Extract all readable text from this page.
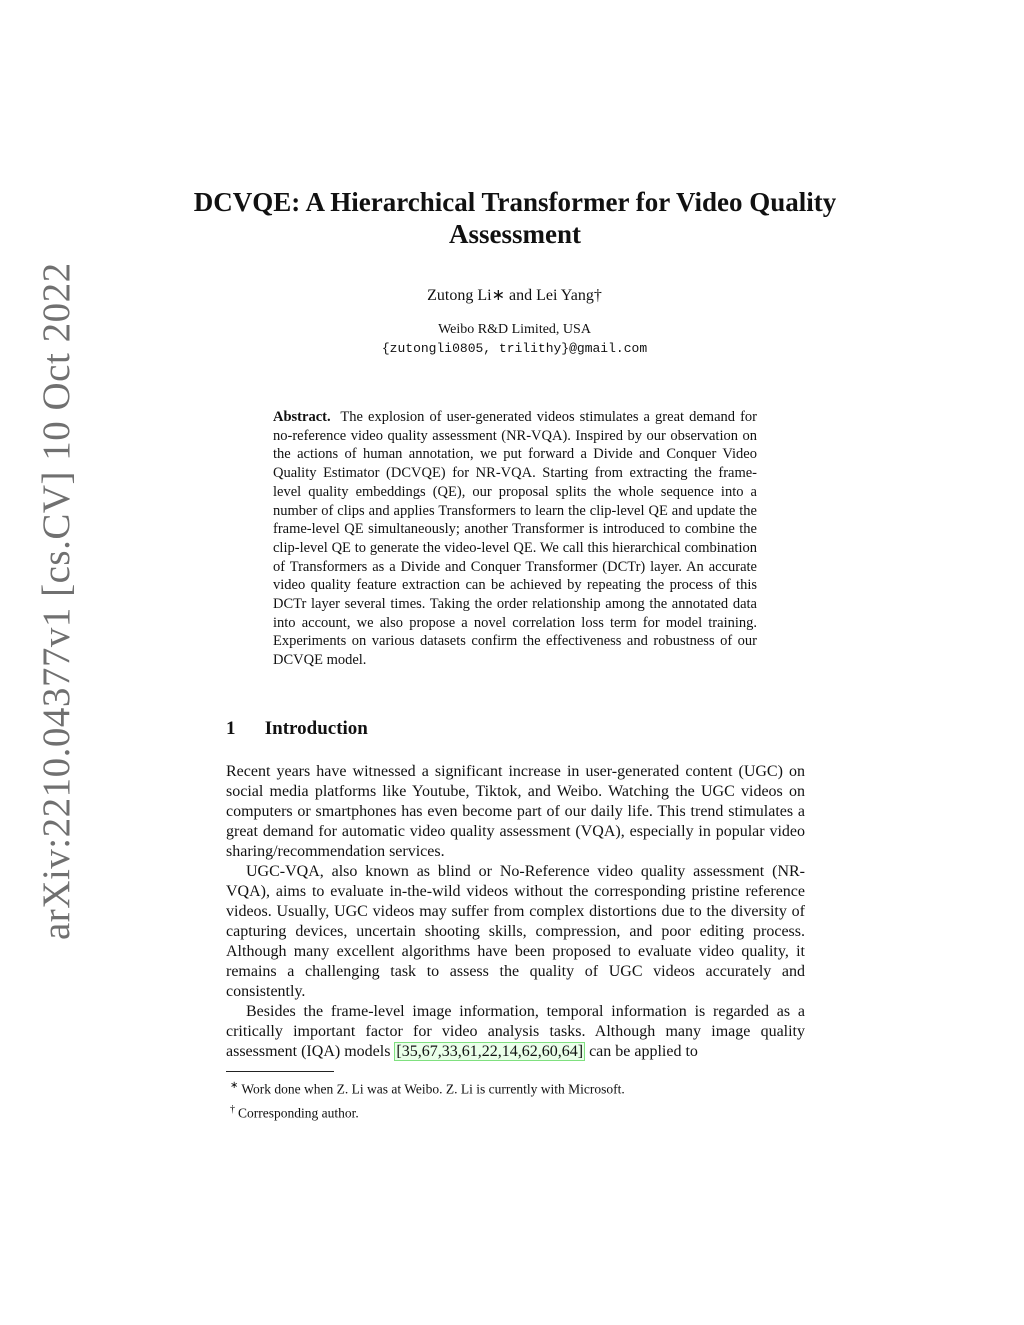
arXiv:2210.04377v1 [cs.CV] 10 Oct 2022
DCVQE: A Hierarchical Transformer for Video Quality Assessment
Zutong Li∗ and Lei Yang†
Weibo R&D Limited, USA
{zutongli0805, trilithy}@gmail.com

Abstract. The explosion of user-generated videos stimulates a great demand for no-reference video quality assessment (NR-VQA). Inspired by our observation on the actions of human annotation, we put forward a Divide and Conquer Video Quality Estimator (DCVQE) for NR-VQA. Starting from extracting the frame-level quality embeddings (QE), our proposal splits the whole sequence into a number of clips and applies Transformers to learn the clip-level QE and update the frame-level QE simultaneously; another Transformer is introduced to combine the clip-level QE to generate the video-level QE. We call this hierarchical combination of Transformers as a Divide and Conquer Transformer (DCTr) layer. An accurate video quality feature extraction can be achieved by repeating the process of this DCTr layer several times. Taking the order relationship among the annotated data into account, we also propose a novel correlation loss term for model training. Experiments on various datasets confirm the effectiveness and robustness of our DCVQE model.

1 Introduction

Recent years have witnessed a significant increase in user-generated content (UGC) on social media platforms like Youtube, Tiktok, and Weibo. Watching the UGC videos on computers or smartphones has even become part of our daily life. This trend stimulates a great demand for automatic video quality assessment (VQA), especially in popular video sharing/recommendation services.

UGC-VQA, also known as blind or No-Reference video quality assessment (NR-VQA), aims to evaluate in-the-wild videos without the corresponding pristine reference videos. Usually, UGC videos may suffer from complex distortions due to the diversity of capturing devices, uncertain shooting skills, compression, and poor editing process. Although many excellent algorithms have been proposed to evaluate video quality, it remains a challenging task to assess the quality of UGC videos accurately and consistently.

Besides the frame-level image information, temporal information is regarded as a critically important factor for video analysis tasks. Although many image quality assessment (IQA) models [35,67,33,61,22,14,62,60,64] can be applied to

∗ Work done when Z. Li was at Weibo. Z. Li is currently with Microsoft.
† Corresponding author.
